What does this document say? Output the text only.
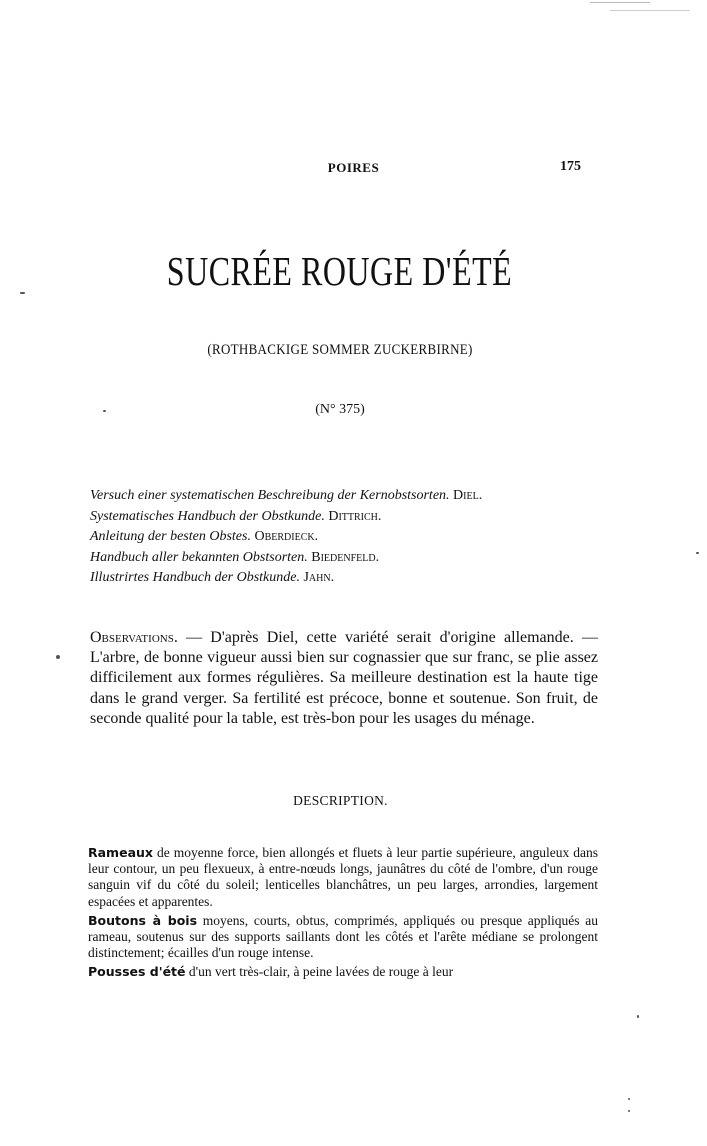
POIRES	175
SUCRÉE ROUGE D'ÉTÉ
(ROTHBACKIGE SOMMER ZUCKERBIRNE)
(N° 375)
Versuch einer systematischen Beschreibung der Kernobstsorten. Diel.
Systematisches Handbuch der Obstkunde. Dittrich.
Anleitung der besten Obstes. Oberdieck.
Handbuch aller bekannten Obstsorten. Biedenfeld.
Illustrirtes Handbuch der Obstkunde. Jahn.
Observations. — D'après Diel, cette variété serait d'origine allemande. — L'arbre, de bonne vigueur aussi bien sur cognassier que sur franc, se plie assez difficilement aux formes régulières. Sa meilleure destination est la haute tige dans le grand verger. Sa fertilité est précoce, bonne et soutenue. Son fruit, de seconde qualité pour la table, est très-bon pour les usages du ménage.
DESCRIPTION.

Rameaux de moyenne force, bien allongés et fluets à leur partie supérieure, anguleux dans leur contour, un peu flexueux, à entre-nœuds longs, jaunâtres du côté de l'ombre, d'un rouge sanguin vif du côté du soleil; lenticelles blanchâtres, un peu larges, arrondies, largement espacées et apparentes.

Boutons à bois moyens, courts, obtus, comprimés, appliqués ou presque appliqués au rameau, soutenus sur des supports saillants dont les côtés et l'arête médiane se prolongent distinctement; écailles d'un rouge intense.

Pousses d'été d'un vert très-clair, à peine lavées de rouge à leur
